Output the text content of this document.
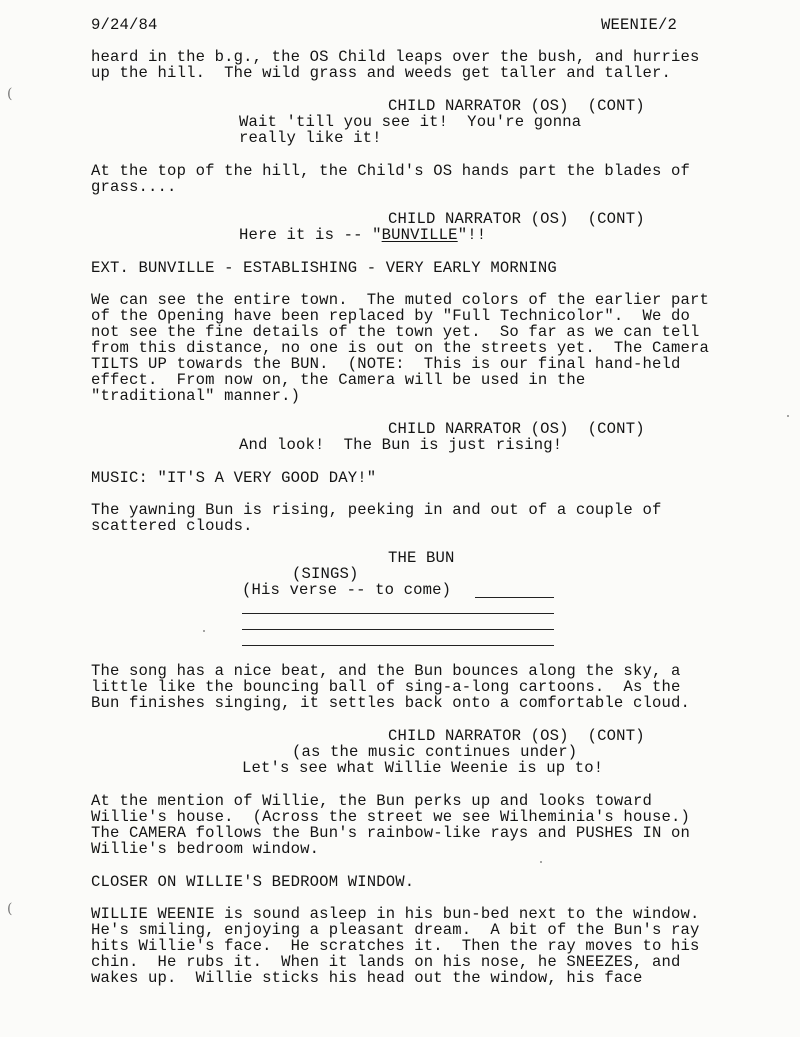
9/24/84	WEENIE/2
heard in the b.g., the OS Child leaps over the bush, and hurries
up the hill.  The wild grass and weeds get taller and taller.
CHILD NARRATOR (OS)  (CONT)
Wait 'till you see it!  You're gonna
really like it!
At the top of the hill, the Child's OS hands part the blades of
grass....
CHILD NARRATOR (OS)  (CONT)
Here it is -- "BUNVILLE"!!
EXT. BUNVILLE - ESTABLISHING - VERY EARLY MORNING
We can see the entire town.  The muted colors of the earlier part
of the Opening have been replaced by "Full Technicolor".  We do
not see the fine details of the town yet.  So far as we can tell
from this distance, no one is out on the streets yet.  The Camera
TILTS UP towards the BUN.  (NOTE:  This is our final hand-held
effect.  From now on, the Camera will be used in the
"traditional" manner.)
CHILD NARRATOR (OS)  (CONT)
And look!  The Bun is just rising!
MUSIC: "IT'S A VERY GOOD DAY!"
The yawning Bun is rising, peeking in and out of a couple of
scattered clouds.
THE BUN
(SINGS)
(His verse -- to come)
The song has a nice beat, and the Bun bounces along the sky, a
little like the bouncing ball of sing-a-long cartoons.  As the
Bun finishes singing, it settles back onto a comfortable cloud.
CHILD NARRATOR (OS)  (CONT)
(as the music continues under)
Let's see what Willie Weenie is up to!
At the mention of Willie, the Bun perks up and looks toward
Willie's house.  (Across the street we see Wilheminia's house.)
The CAMERA follows the Bun's rainbow-like rays and PUSHES IN on
Willie's bedroom window.
CLOSER ON WILLIE'S BEDROOM WINDOW.
WILLIE WEENIE is sound asleep in his bun-bed next to the window.
He's smiling, enjoying a pleasant dream.  A bit of the Bun's ray
hits Willie's face.  He scratches it.  Then the ray moves to his
chin.  He rubs it.  When it lands on his nose, he SNEEZES, and
wakes up.  Willie sticks his head out the window, his face
(
(
